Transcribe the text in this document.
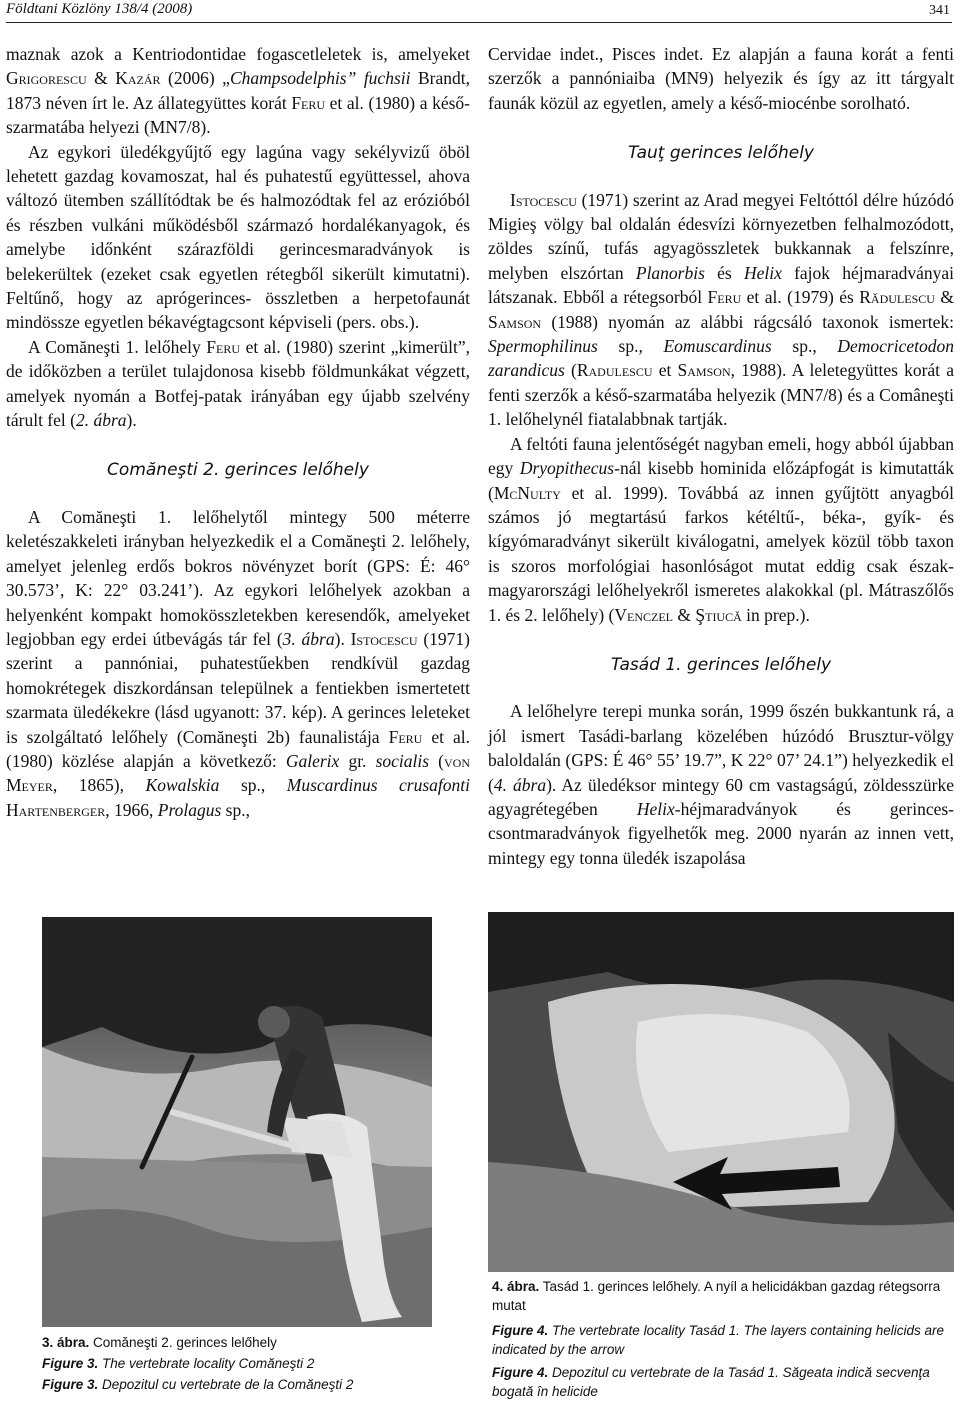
Földtani Közlöny 138/4 (2008)	341

maznak azok a Kentriodontidae fogascetleletek is, amelyeket Grigorescu & Kazár (2006) „Champsodelphis” fuchsii Brandt, 1873 néven írt le. Az állategyüttes korát Feru et al. (1980) a késő-szarmatába helyezi (MN7/8).

Az egykori üledékgyűjtő egy lagúna vagy sekélyvizű öböl lehetett gazdag kovamoszat, hal és puhatestű együttessel, ahova változó ütemben szállítódtak be és halmozódtak fel az erózióból és részben vulkáni működésből származó hordalékanyagok, és amelybe időnként szárazföldi gerincesmaradványok is belekerültek (ezeket csak egyetlen rétegből sikerült kimutatni). Feltűnő, hogy az aprógerinces- összletben a herpetofaunát mindössze egyetlen békavégtagcsont képviseli (pers. obs.).

A Comăneşti 1. lelőhely Feru et al. (1980) szerint „kimerült”, de időközben a terület tulajdonosa kisebb földmunkákat végzett, amelyek nyomán a Botfej-patak irányában egy újabb szelvény tárult fel (2. ábra).

Comăneşti 2. gerinces lelőhely

A Comăneşti 1. lelőhelytől mintegy 500 méterre keletészakkeleti irányban helyezkedik el a Comăneşti 2. lelőhely, amelyet jelenleg erdős bokros növényzet borít (GPS: É: 46° 30.573’, K: 22° 03.241’). Az egykori lelőhelyek azokban a helyenként kompakt homokösszletekben keresendők, amelyeket legjobban egy erdei útbevágás tár fel (3. ábra). Istocescu (1971) szerint a pannóniai, puhatestűekben rendkívül gazdag homokrétegek diszkordánsan települnek a fentiekben ismertetett szarmata üledékekre (lásd ugyanott: 37. kép). A gerinces leleteket is szolgáltató lelőhely (Comăneşti 2b) faunalistája Feru et al. (1980) közlése alapján a következő: Galerix gr. socialis (von Meyer, 1865), Kowalskia sp., Muscardinus crusafonti Hartenberger, 1966, Prolagus sp.,

Cervidae indet., Pisces indet. Ez alapján a fauna korát a fenti szerzők a pannóniaiba (MN9) helyezik és így az itt tárgyalt faunák közül az egyetlen, amely a késő-miocénbe sorolható.

Tauţ gerinces lelőhely

Istocescu (1971) szerint az Arad megyei Feltóttól délre húzódó Migieş völgy bal oldalán édesvízi környezetben felhalmozódott, zöldes színű, tufás agyagösszletek bukkannak a felszínre, melyben elszórtan Planorbis és Helix fajok héjmaradványai látszanak. Ebből a rétegsorból Feru et al. (1979) és Rădulescu & Samson (1988) nyomán az alábbi rágcsáló taxonok ismertek: Spermophilinus sp., Eomuscardinus sp., Democricetodon zarandicus (Radulescu et Samson, 1988). A leletegyüttes korát a fenti szerzők a késő-szarmatába helyezik (MN7/8) és a Comâneşti 1. lelőhelynél fiatalabbnak tartják.

A feltóti fauna jelentőségét nagyban emeli, hogy abból újabban egy Dryopithecus-nál kisebb hominida előzápfogát is kimutatták (McNulty et al. 1999). Továbbá az innen gyűjtött anyagból számos jó megtartású farkos kétéltű-, béka-, gyík- és kígyómaradványt sikerült kiválogatni, amelyek közül több taxon is szoros morfológiai hasonlóságot mutat eddig csak észak-magyarországi lelőhelyekről ismeretes alakokkal (pl. Mátraszőlős 1. és 2. lelőhely) (Venczel & Ştiucă in prep.).

Tasád 1. gerinces lelőhely

A lelőhelyre terepi munka során, 1999 őszén bukkantunk rá, a jól ismert Tasádi-barlang közelében húzódó Brusztur-völgy baloldalán (GPS: É 46° 55’ 19.7”, K 22° 07’ 24.1”) helyezkedik el (4. ábra). Az üledéksor mintegy 60 cm vastagságú, zöldesszürke agyagrétegében Helix-héjmaradványok és gerinces-csontmaradványok figyelhetők meg. 2000 nyarán az innen vett, mintegy egy tonna üledék iszapolása

4. ábra. Tasád 1. gerinces lelőhely. A nyíl a helicidákban gazdag rétegsorra mutat

Figure 4. The vertebrate locality Tasád 1. The layers containing helicids are indicated by the arrow

Figure 4. Depozitul cu vertebrate de la Tasád 1. Săgeata indică secvenţa bogată în helicide

3. ábra. Comăneşti 2. gerinces lelőhely

Figure 3. The vertebrate locality Comăneşti 2

Figure 3. Depozitul cu vertebrate de la Comăneşti 2
